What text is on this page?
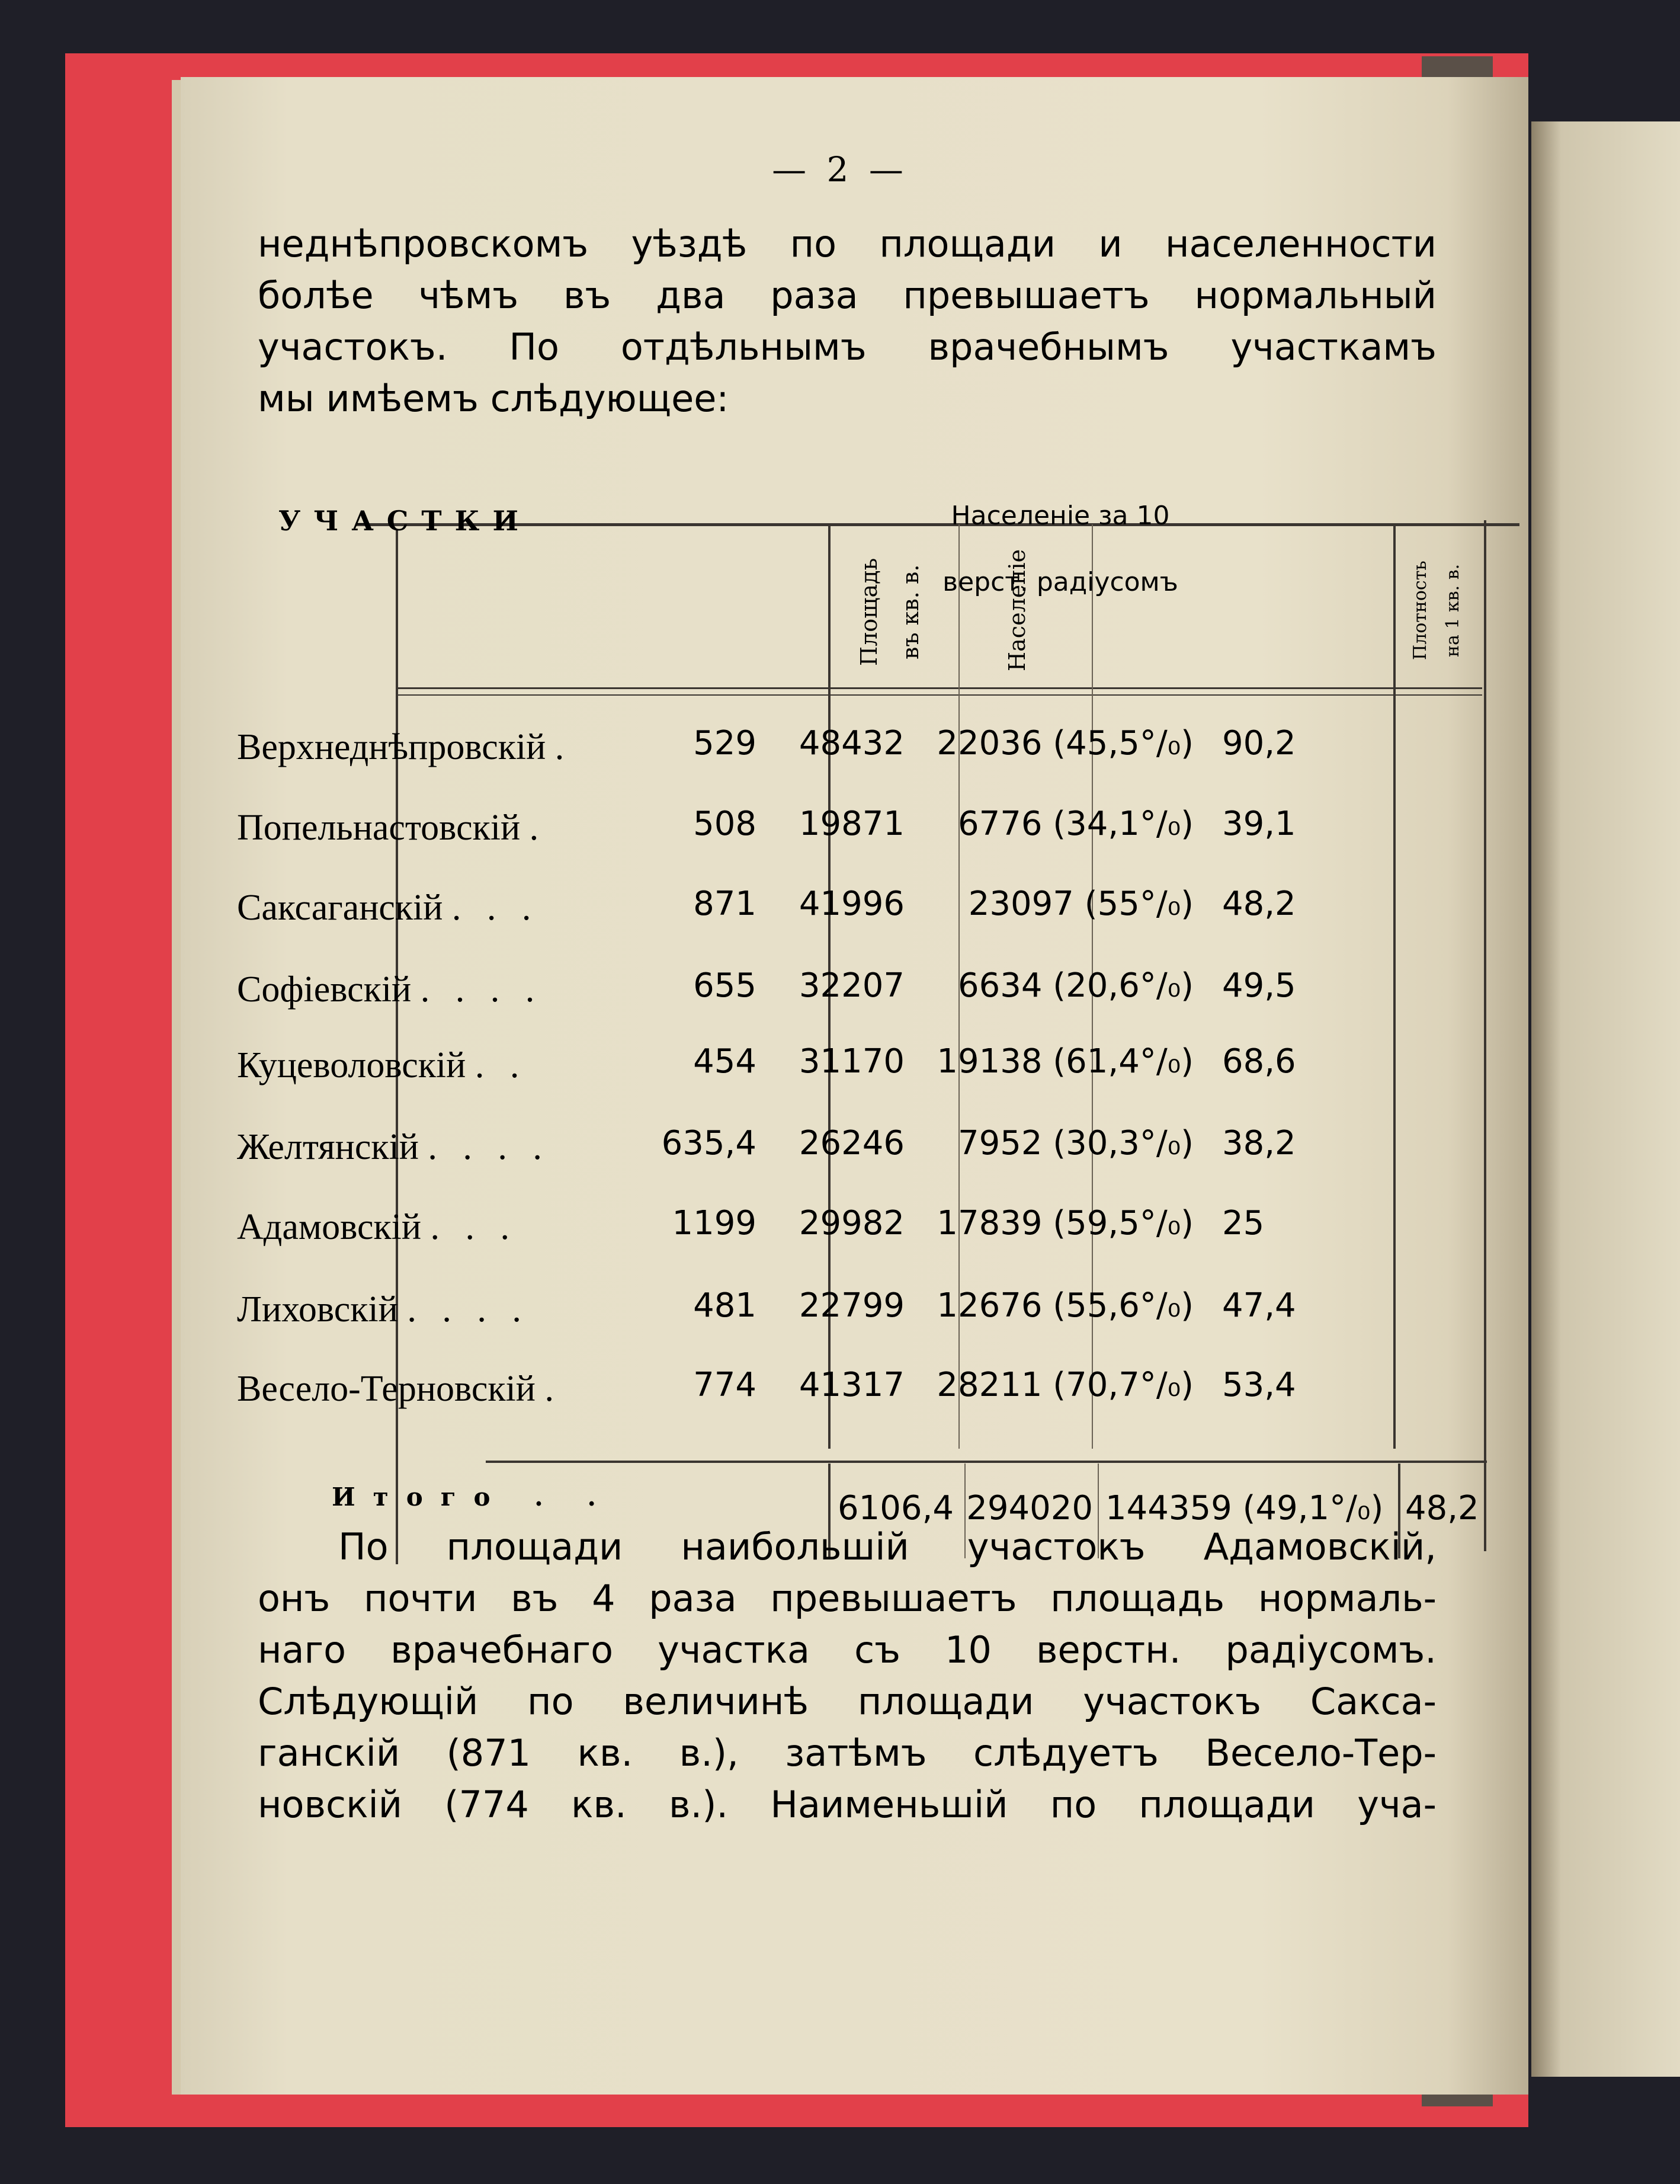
— 2 —

неднѣпровскомъ уѣздѣ по площади и населенности
болѣе чѣмъ въ два раза превышаетъ нормальный
участокъ. По отдѣльнымъ врачебнымъ участкамъ
мы имѣемъ слѣдующее:

УЧАСТКИ
Площадь въ кв. в.	Населеніе
Населеніе за 10
верст. радіусомъ	Плотность на 1 кв. в.
Верхнеднѣпровскій .	529	48432 22036 (45,5°/₀) 90,2
Попельнастовскій .	508	19871	6776 (34,1°/₀) 39,1
Саксаганскій . . .	871	41996	23097 (55°/₀) 48,2
Софіевскій . . . .	655	32207	6634 (20,6°/₀) 49,5
Куцеволовскій . .	454	31170 19138 (61,4°/₀) 68,6
Желтянскій . . . .	635,4	26246	7952 (30,3°/₀) 38,2
Адамовскій . . .	1199	29982 17839 (59,5°/₀) 25
Лиховскій . . . .	481	22799 12676 (55,6°/₀) 47,4
Весело-Терновскій .	774	41317 28211 (70,7°/₀) 53,4
Итого . .	6106,4 294020 144359 (49,1°/₀) 48,2

По площади наибольшій участокъ Адамовскій,
онъ почти въ 4 раза превышаетъ площадь нормаль-
наго врачебнаго участка съ 10 верстн. радіусомъ.
Слѣдующій по величинѣ площади участокъ Сакса-
ганскій (871 кв. в.), затѣмъ слѣдуетъ Весело-Тер-
новскій (774 кв. в.). Наименьшій по площади уча-
